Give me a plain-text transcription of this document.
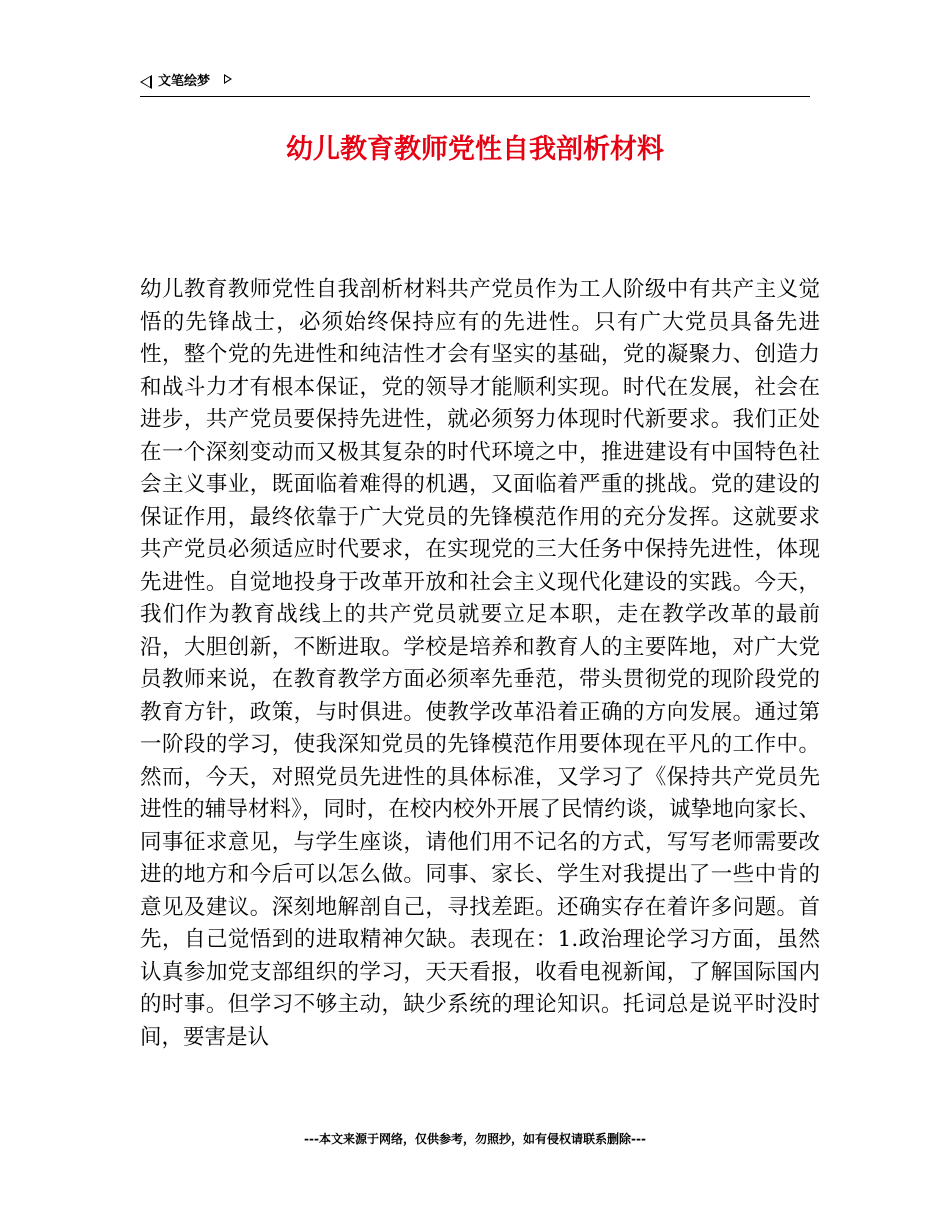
文笔绘梦
幼儿教育教师党性自我剖析材料

幼儿教育教师党性自我剖析材料共产党员作为工人阶级中有共产主义觉悟的先锋战士，必须始终保持应有的先进性。只有广大党员具备先进性，整个党的先进性和纯洁性才会有坚实的基础，党的凝聚力、创造力和战斗力才有根本保证，党的领导才能顺利实现。时代在发展，社会在进步，共产党员要保持先进性，就必须努力体现时代新要求。我们正处在一个深刻变动而又极其复杂的时代环境之中，推进建设有中国特色社会主义事业，既面临着难得的机遇，又面临着严重的挑战。党的建设的保证作用，最终依靠于广大党员的先锋模范作用的充分发挥。这就要求共产党员必须适应时代要求，在实现党的三大任务中保持先进性，体现先进性。自觉地投身于改革开放和社会主义现代化建设的实践。今天，我们作为教育战线上的共产党员就要立足本职，走在教学改革的最前沿，大胆创新，不断进取。学校是培养和教育人的主要阵地，对广大党员教师来说，在教育教学方面必须率先垂范，带头贯彻党的现阶段党的教育方针，政策，与时俱进。使教学改革沿着正确的方向发展。通过第一阶段的学习，使我深知党员的先锋模范作用要体现在平凡的工作中。然而，今天，对照党员先进性的具体标准，又学习了《保持共产党员先进性的辅导材料》，同时，在校内校外开展了民情约谈，诚挚地向家长、同事征求意见，与学生座谈，请他们用不记名的方式，写写老师需要改进的地方和今后可以怎么做。同事、家长、学生对我提出了一些中肯的意见及建议。深刻地解剖自己，寻找差距。还确实存在着许多问题。首先，自己觉悟到的进取精神欠缺。表现在：1.政治理论学习方面，虽然认真参加党支部组织的学习，天天看报，收看电视新闻，了解国际国内的时事。但学习不够主动，缺少系统的理论知识。托词总是说平时没时间，要害是认

---本文来源于网络，仅供参考，勿照抄，如有侵权请联系删除---
